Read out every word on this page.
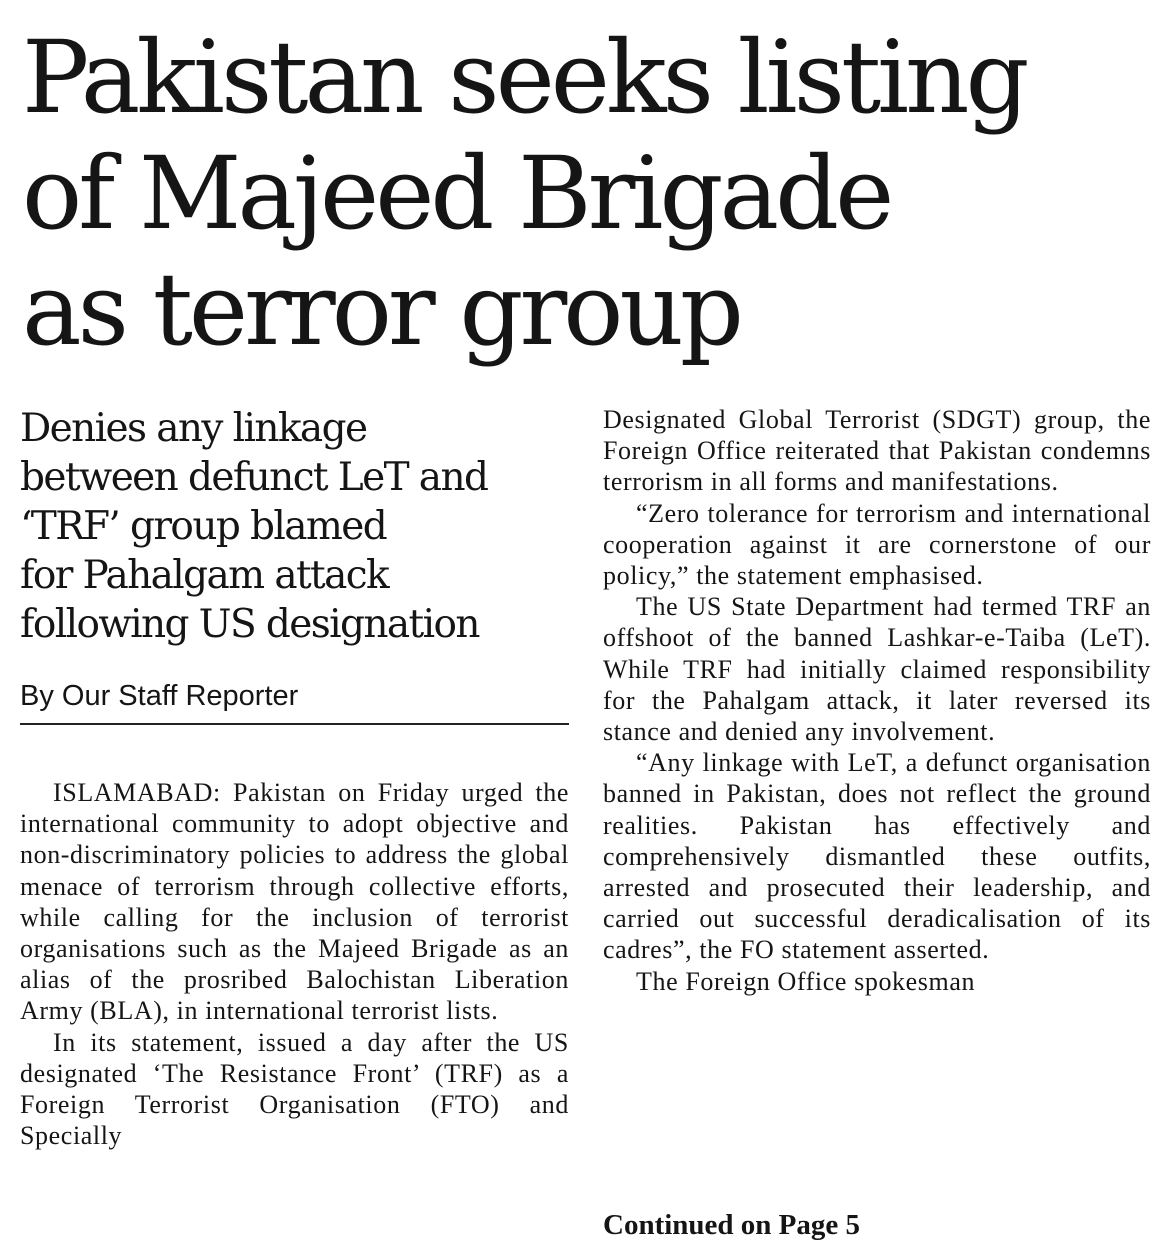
Pakistan seeks listing
of Majeed Brigade
as terror group
Denies any linkage
between defunct LeT and
‘TRF’ group blamed
for Pahalgam attack
following US designation

By Our Staff Reporter

ISLAMABAD: Pakistan on Friday urged the international community to adopt objective and non-discriminatory policies to address the global menace of terrorism through collective efforts, while calling for the inclusion of terrorist organisations such as the Majeed Brigade as an alias of the prosribed Balochistan Liberation Army (BLA), in international terrorist lists.

In its statement, issued a day after the US designated ‘The Resistance Front’ (TRF) as a Foreign Terrorist Organisation (FTO) and Specially

Designated Global Terrorist (SDGT) group, the Foreign Office reiterated that Pakistan condemns terrorism in all forms and manifestations.

“Zero tolerance for terrorism and international cooperation against it are cornerstone of our policy,” the statement emphasised.

The US State Department had termed TRF an offshoot of the banned Lashkar-e-Taiba (LeT). While TRF had initially claimed responsibility for the Pahalgam attack, it later reversed its stance and denied any involvement.

“Any linkage with LeT, a defunct organisation banned in Pakistan, does not reflect the ground realities. Pakistan has effectively and comprehensively dismantled these outfits, arrested and prosecuted their leadership, and carried out successful deradicalisation of its cadres”, the FO statement asserted.

The Foreign Office spokesman

Continued on Page 5
